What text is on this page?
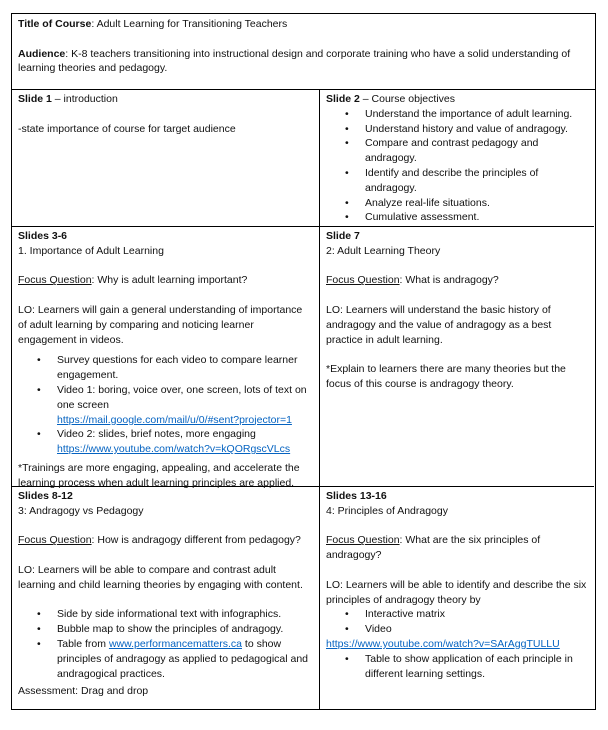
Title of Course: Adult Learning for Transitioning Teachers
Audience: K-8 teachers transitioning into instructional design and corporate training who have a solid understanding of learning theories and pedagogy.
Slide 1 – introduction
-state importance of course for target audience
Slide 2 – Course objectives
• Understand the importance of adult learning.
• Understand history and value of andragogy.
• Compare and contrast pedagogy and andragogy.
• Identify and describe the principles of andragogy.
• Analyze real-life situations.
• Cumulative assessment.
Slides 3-6
1. Importance of Adult Learning
Focus Question: Why is adult learning important?
LO: Learners will gain a general understanding of importance of adult learning by comparing and noticing learner engagement in videos.
• Survey questions for each video to compare learner engagement.
• Video 1: boring, voice over, one screen, lots of text on one screen
https://mail.google.com/mail/u/0/#sent?projector=1
• Video 2: slides, brief notes, more engaging
https://www.youtube.com/watch?v=kQORgscVLcs
*Trainings are more engaging, appealing, and accelerate the learning process when adult learning principles are applied.
Slide 7
2: Adult Learning Theory
Focus Question: What is andragogy?
LO: Learners will understand the basic history of andragogy and the value of andragogy as a best practice in adult learning.
*Explain to learners there are many theories but the focus of this course is andragogy theory.
Slides 8-12
3: Andragogy vs Pedagogy
Focus Question: How is andragogy different from pedagogy?
LO: Learners will be able to compare and contrast adult learning and child learning theories by engaging with content.
• Side by side informational text with infographics.
• Bubble map to show the principles of andragogy.
• Table from www.performancematters.ca to show principles of andragogy as applied to pedagogical and andragogical practices.
Assessment: Drag and drop
Slides 13-16
4: Principles of Andragogy
Focus Question: What are the six principles of andragogy?
LO: Learners will be able to identify and describe the six principles of andragogy theory by
• Interactive matrix
• Video
https://www.youtube.com/watch?v=SArAggTULLU
• Table to show application of each principle in different learning settings.
